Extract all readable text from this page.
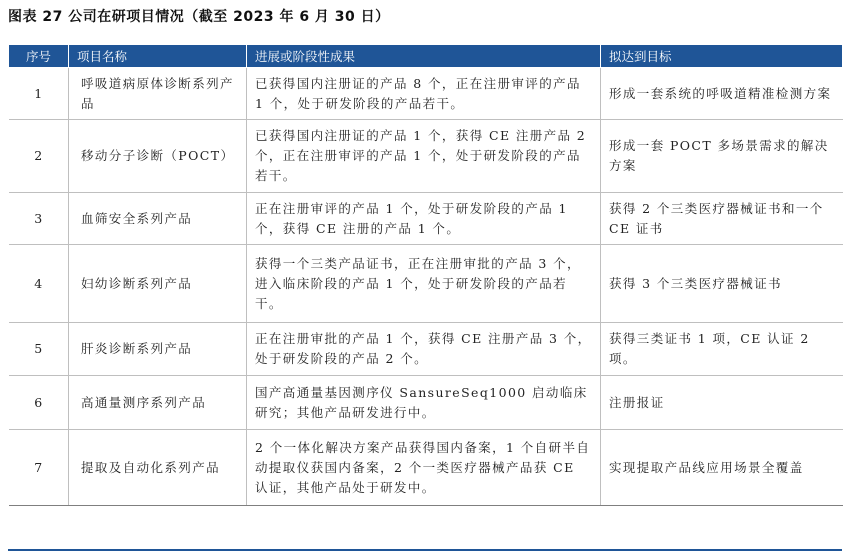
图表 27 公司在研项目情况（截至 2023 年 6 月 30 日）
序号	项目名称	进展或阶段性成果	拟达到目标
1	呼吸道病原体诊断系列产品	已获得国内注册证的产品 8 个，正在注册审评的产品 1 个，处于研发阶段的产品若干。	形成一套系统的呼吸道精准检测方案
2	移动分子诊断（POCT）	已获得国内注册证的产品 1 个，获得 CE 注册产品 2 个，正在注册审评的产品 1 个，处于研发阶段的产品若干。	形成一套 POCT 多场景需求的解决方案
3	血筛安全系列产品	正在注册审评的产品 1 个，处于研发阶段的产品 1 个，获得 CE 注册的产品 1 个。	获得 2 个三类医疗器械证书和一个 CE 证书
4	妇幼诊断系列产品	获得一个三类产品证书，正在注册审批的产品 3 个，进入临床阶段的产品 1 个，处于研发阶段的产品若干。	获得 3 个三类医疗器械证书
5	肝炎诊断系列产品	正在注册审批的产品 1 个，获得 CE 注册产品 3 个，处于研发阶段的产品 2 个。	获得三类证书 1 项，CE 认证 2 项。
6	高通量测序系列产品	国产高通量基因测序仪 SansureSeq1000 启动临床研究；其他产品研发进行中。	注册报证
7	提取及自动化系列产品	2 个一体化解决方案产品获得国内备案，1 个自研半自动提取仪获国内备案，2 个一类医疗器械产品获 CE 认证，其他产品处于研发中。	实现提取产品线应用场景全覆盖
